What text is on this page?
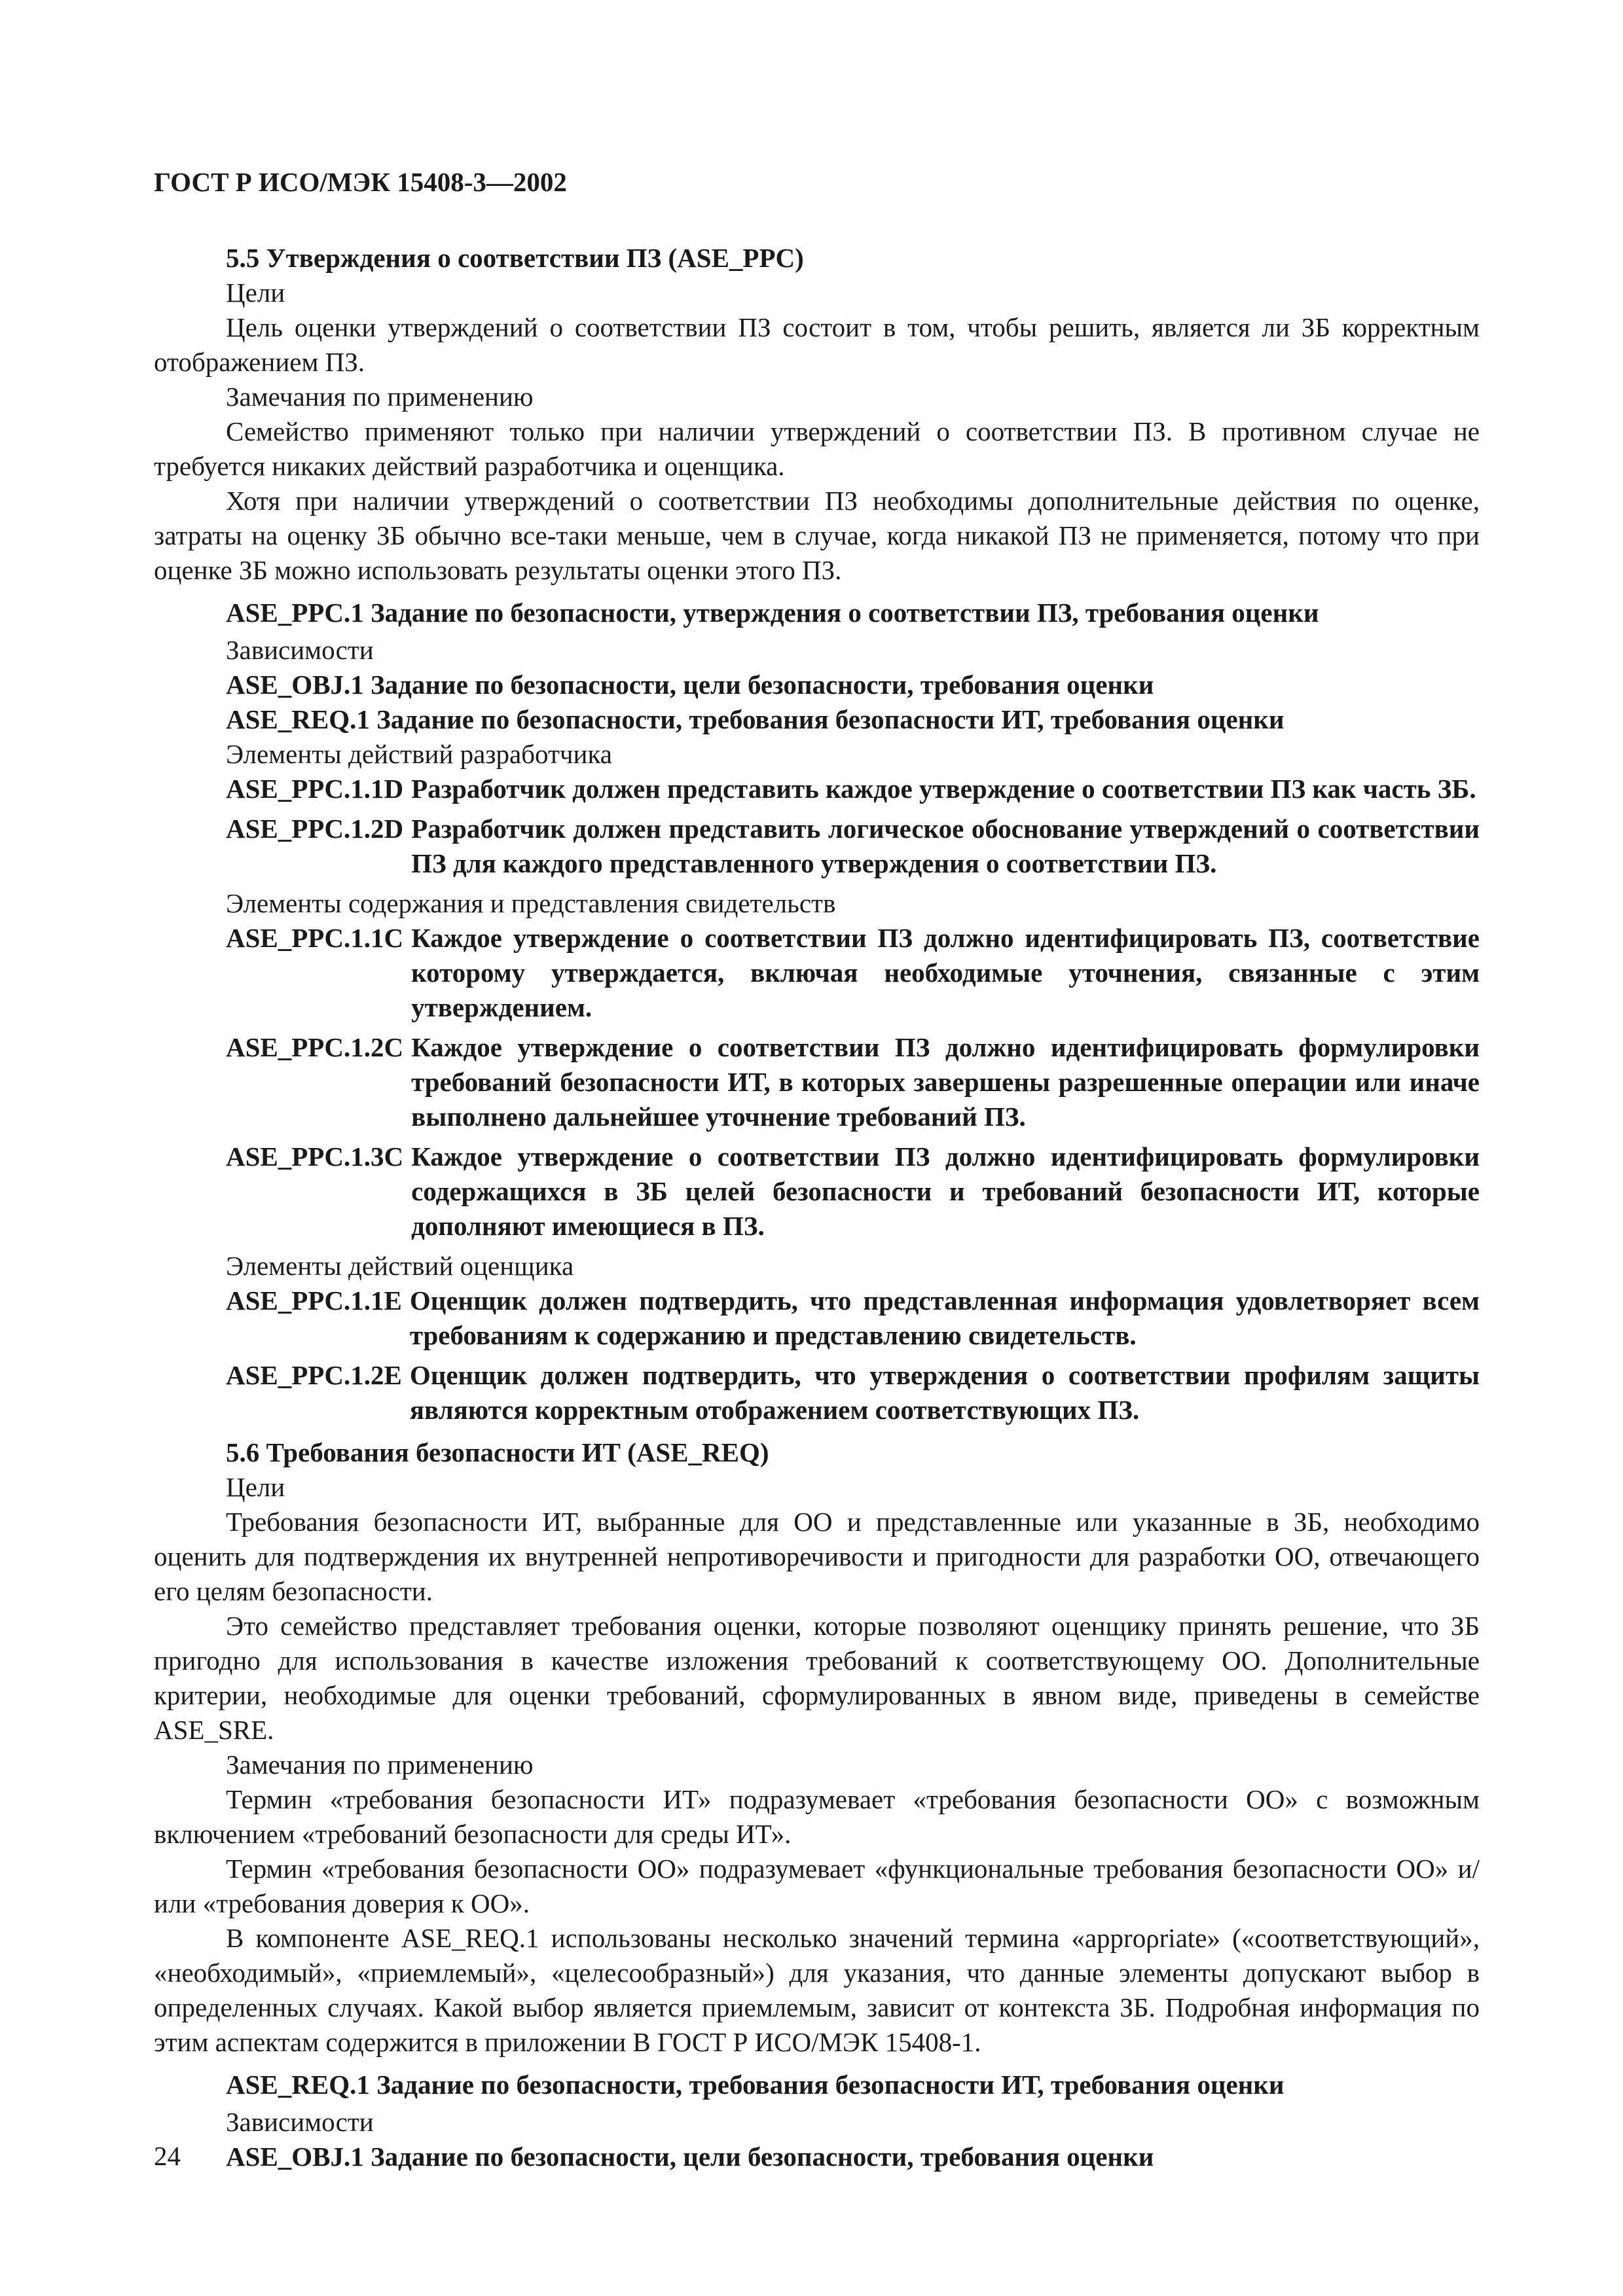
ГОСТ Р ИСО/МЭК 15408-3—2002
5.5 Утверждения о соответствии ПЗ (ASE_PPC)
Цели

Цель оценки утверждений о соответствии ПЗ состоит в том, чтобы решить, является ли ЗБ корректным отображением ПЗ.

Замечания по применению

Семейство применяют только при наличии утверждений о соответствии ПЗ. В противном случае не требуется никаких действий разработчика и оценщика.

Хотя при наличии утверждений о соответствии ПЗ необходимы дополнительные действия по оценке, затраты на оценку ЗБ обычно все-таки меньше, чем в случае, когда никакой ПЗ не применяется, потому что при оценке ЗБ можно использовать результаты оценки этого ПЗ.

ASE_PPC.1 Задание по безопасности, утверждения о соответствии ПЗ, требования оценки
Зависимости
ASE_OBJ.1 Задание по безопасности, цели безопасности, требования оценки
ASE_REQ.1 Задание по безопасности, требования безопасности ИТ, требования оценки
Элементы действий разработчика
ASE_PPC.1.1D Разработчик должен представить каждое утверждение о соответствии ПЗ как часть ЗБ.
ASE_PPC.1.2D Разработчик должен представить логическое обоснование утверждений о соответствии ПЗ для каждого представленного утверждения о соответствии ПЗ.
Элементы содержания и представления свидетельств
ASE_PPC.1.1C Каждое утверждение о соответствии ПЗ должно идентифицировать ПЗ, соответствие которому утверждается, включая необходимые уточнения, связанные с этим утверждением.
ASE_PPC.1.2C Каждое утверждение о соответствии ПЗ должно идентифицировать формулировки требований безопасности ИТ, в которых завершены разрешенные операции или иначе выполнено дальнейшее уточнение требований ПЗ.
ASE_PPC.1.3C Каждое утверждение о соответствии ПЗ должно идентифицировать формулировки содержащихся в ЗБ целей безопасности и требований безопасности ИТ, которые дополняют имеющиеся в ПЗ.
Элементы действий оценщика
ASE_PPC.1.1E Оценщик должен подтвердить, что представленная информация удовлетворяет всем требованиям к содержанию и представлению свидетельств.
ASE_PPC.1.2E Оценщик должен подтвердить, что утверждения о соответствии профилям защиты являются корректным отображением соответствующих ПЗ.
5.6 Требования безопасности ИТ (ASE_REQ)
Цели

Требования безопасности ИТ, выбранные для ОО и представленные или указанные в ЗБ, необходимо оценить для подтверждения их внутренней непротиворечивости и пригодности для разработки ОО, отвечающего его целям безопасности.

Это семейство представляет требования оценки, которые позволяют оценщику принять решение, что ЗБ пригодно для использования в качестве изложения требований к соответствующему ОО. Дополнительные критерии, необходимые для оценки требований, сформулированных в явном виде, приведены в семействе ASE_SRE.

Замечания по применению

Термин «требования безопасности ИТ» подразумевает «требования безопасности ОО» с возможным включением «требований безопасности для среды ИТ».

Термин «требования безопасности ОО» подразумевает «функциональные требования безопасности ОО» и/или «требования доверия к ОО».

В компоненте ASE_REQ.1 использованы несколько значений термина «apprορriate» («соответствующий», «необходимый», «приемлемый», «целесообразный») для указания, что данные элементы допускают выбор в определенных случаях. Какой выбор является приемлемым, зависит от контекста ЗБ. Подробная информация по этим аспектам содержится в приложении В ГОСТ Р ИСО/МЭК 15408-1.

ASE_REQ.1 Задание по безопасности, требования безопасности ИТ, требования оценки
Зависимости
ASE_OBJ.1 Задание по безопасности, цели безопасности, требования оценки
24
